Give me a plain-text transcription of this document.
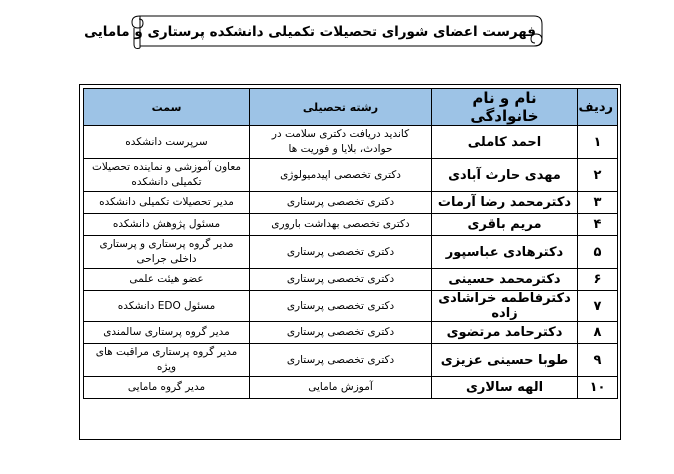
فهرست اعضای شورای تحصیلات تکمیلی دانشکده پرستاری و مامایی
ردیف	نام و نام خانوادگی	رشته تحصیلی	سمت
۱	احمد کاملی	کاندید دریافت دکتری سلامت در حوادث، بلایا و فوریت ها	سرپرست دانشکده
۲	مهدی حارث آبادی	دکتری تخصصی اپیدمیولوژی	معاون آموزشی و نماینده تحصیلات تکمیلی دانشکده
۳	دکترمحمد رضا آرمات	دکتری تخصصی پرستاری	مدیر تحصیلات تکمیلی دانشکده
۴	مریم باقری	دکتری تخصصی بهداشت باروری	مسئول پژوهش دانشکده
۵	دکترهادی عباسپور	دکتری تخصصی پرستاری	مدیر گروه پرستاری و پرستاری داخلی جراحی
۶	دکترمحمد حسینی	دکتری تخصصی پرستاری	عضو هیئت علمی
۷	دکترفاطمه خراشادی زاده	دکتری تخصصی پرستاری	مسئول EDO دانشکده
۸	دکترحامد مرتضوی	دکتری تخصصی پرستاری	مدیر گروه پرستاری سالمندی
۹	طوبا حسینی عزیزی	دکتری تخصصی پرستاری	مدیر گروه پرستاری مراقبت های ویژه
۱۰	الهه سالاری	آموزش مامایی	مدیر گروه مامایی
